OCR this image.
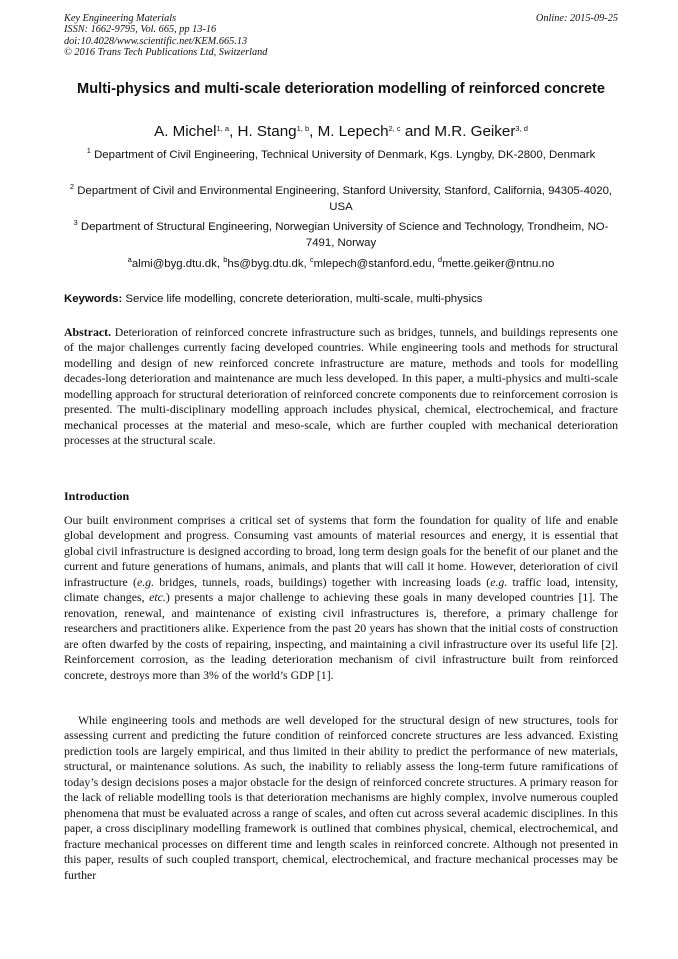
Key Engineering Materials
ISSN: 1662-9795, Vol. 665, pp 13-16
doi:10.4028/www.scientific.net/KEM.665.13
© 2016 Trans Tech Publications Ltd, Switzerland
Online: 2015-09-25
Multi-physics and multi-scale deterioration modelling of reinforced concrete
A. Michel$^{1, a}$, H. Stang$^{1, b}$, M. Lepech$^{2, c}$ and M.R. Geiker$^{3, d}$
$^1$ Department of Civil Engineering, Technical University of Denmark, Kgs. Lyngby, DK-2800, Denmark
$^2$ Department of Civil and Environmental Engineering, Stanford University, Stanford, California, 94305-4020, USA
$^3$ Department of Structural Engineering, Norwegian University of Science and Technology, Trondheim, NO-7491, Norway
$^a$almi@byg.dtu.dk, $^b$hs@byg.dtu.dk, $^c$mlepech@stanford.edu, $^d$mette.geiker@ntnu.no
Keywords: Service life modelling, concrete deterioration, multi-scale, multi-physics
Abstract. Deterioration of reinforced concrete infrastructure such as bridges, tunnels, and buildings represents one of the major challenges currently facing developed countries. While engineering tools and methods for structural modelling and design of new reinforced concrete infrastructure are mature, methods and tools for modelling decades-long deterioration and maintenance are much less developed. In this paper, a multi-physics and multi-scale modelling approach for structural deterioration of reinforced concrete components due to reinforcement corrosion is presented. The multi-disciplinary modelling approach includes physical, chemical, electrochemical, and fracture mechanical processes at the material and meso-scale, which are further coupled with mechanical deterioration processes at the structural scale.
Introduction

Our built environment comprises a critical set of systems that form the foundation for quality of life and enable global development and progress. Consuming vast amounts of material resources and energy, it is essential that global civil infrastructure is designed according to broad, long term design goals for the benefit of our planet and the current and future generations of humans, animals, and plants that will call it home. However, deterioration of civil infrastructure (e.g. bridges, tunnels, roads, buildings) together with increasing loads (e.g. traffic load, intensity, climate changes, etc.) presents a major challenge to achieving these goals in many developed countries [1]. The renovation, renewal, and maintenance of existing civil infrastructures is, therefore, a primary challenge for researchers and practitioners alike. Experience from the past 20 years has shown that the initial costs of construction are often dwarfed by the costs of repairing, inspecting, and maintaining a civil infrastructure over its useful life [2]. Reinforcement corrosion, as the leading deterioration mechanism of civil infrastructure built from reinforced concrete, destroys more than 3% of the world’s GDP [1].

While engineering tools and methods are well developed for the structural design of new structures, tools for assessing current and predicting the future condition of reinforced concrete structures are less advanced. Existing prediction tools are largely empirical, and thus limited in their ability to predict the performance of new materials, structural, or maintenance solutions. As such, the inability to reliably assess the long-term future ramifications of today’s design decisions poses a major obstacle for the design of reinforced concrete structures. A primary reason for the lack of reliable modelling tools is that deterioration mechanisms are highly complex, involve numerous coupled phenomena that must be evaluated across a range of scales, and often cut across several academic disciplines. In this paper, a cross disciplinary modelling framework is outlined that combines physical, chemical, electrochemical, and fracture mechanical processes on different time and length scales in reinforced concrete. Although not presented in this paper, results of such coupled transport, chemical, electrochemical, and fracture mechanical processes may be further
